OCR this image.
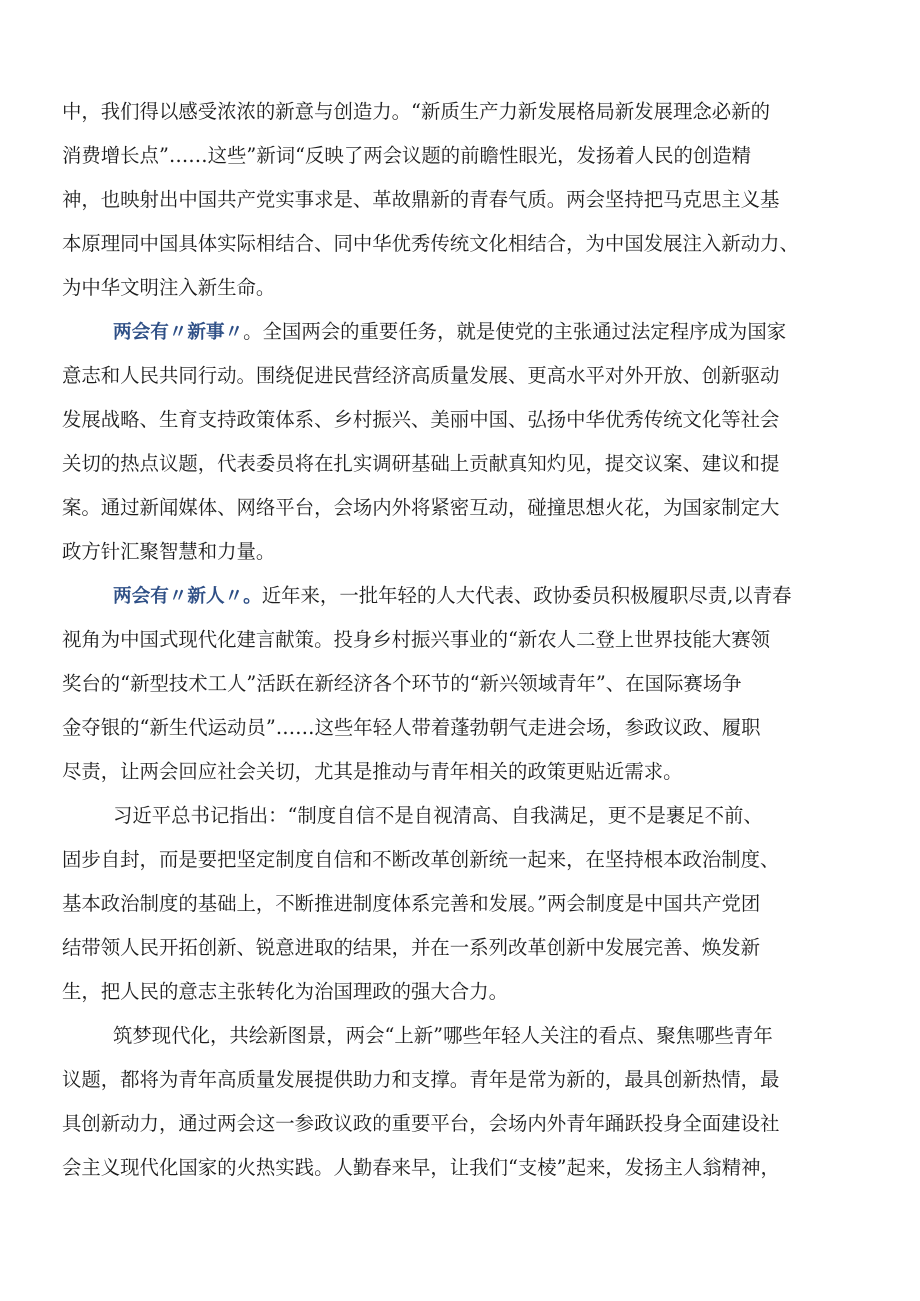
中，我们得以感受浓浓的新意与创造力。“新质生产力新发展格局新发展理念必新的
消费增长点”……这些”新词“反映了两会议题的前瞻性眼光，发扬着人民的创造精
神，也映射出中国共产党实事求是、革故鼎新的青春气质。两会坚持把马克思主义基
本原理同中国具体实际相结合、同中华优秀传统文化相结合，为中国发展注入新动力、
为中华文明注入新生命。
两会有〃新事〃。全国两会的重要任务，就是使党的主张通过法定程序成为国家
意志和人民共同行动。围绕促进民营经济高质量发展、更高水平对外开放、创新驱动
发展战略、生育支持政策体系、乡村振兴、美丽中国、弘扬中华优秀传统文化等社会
关切的热点议题，代表委员将在扎实调研基础上贡献真知灼见，提交议案、建议和提
案。通过新闻媒体、网络平台，会场内外将紧密互动，碰撞思想火花，为国家制定大
政方针汇聚智慧和力量。
两会有〃新人〃。近年来，一批年轻的人大代表、政协委员积极履职尽责,以青春
视角为中国式现代化建言献策。投身乡村振兴事业的“新农人二登上世界技能大赛领
奖台的“新型技术工人”活跃在新经济各个环节的“新兴领域青年”、在国际赛场争
金夺银的“新生代运动员”……这些年轻人带着蓬勃朝气走进会场，参政议政、履职
尽责，让两会回应社会关切，尤其是推动与青年相关的政策更贴近需求。
习近平总书记指出：“制度自信不是自视清高、自我满足，更不是裹足不前、
固步自封，而是要把坚定制度自信和不断改革创新统一起来，在坚持根本政治制度、
基本政治制度的基础上，不断推进制度体系完善和发展。”两会制度是中国共产党团
结带领人民开拓创新、锐意进取的结果，并在一系列改革创新中发展完善、焕发新
生，把人民的意志主张转化为治国理政的强大合力。
筑梦现代化，共绘新图景，两会“上新”哪些年轻人关注的看点、聚焦哪些青年
议题，都将为青年高质量发展提供助力和支撑。青年是常为新的，最具创新热情，最
具创新动力，通过两会这一参政议政的重要平台，会场内外青年踊跃投身全面建设社
会主义现代化国家的火热实践。人勤春来早，让我们“支棱”起来，发扬主人翁精神，
